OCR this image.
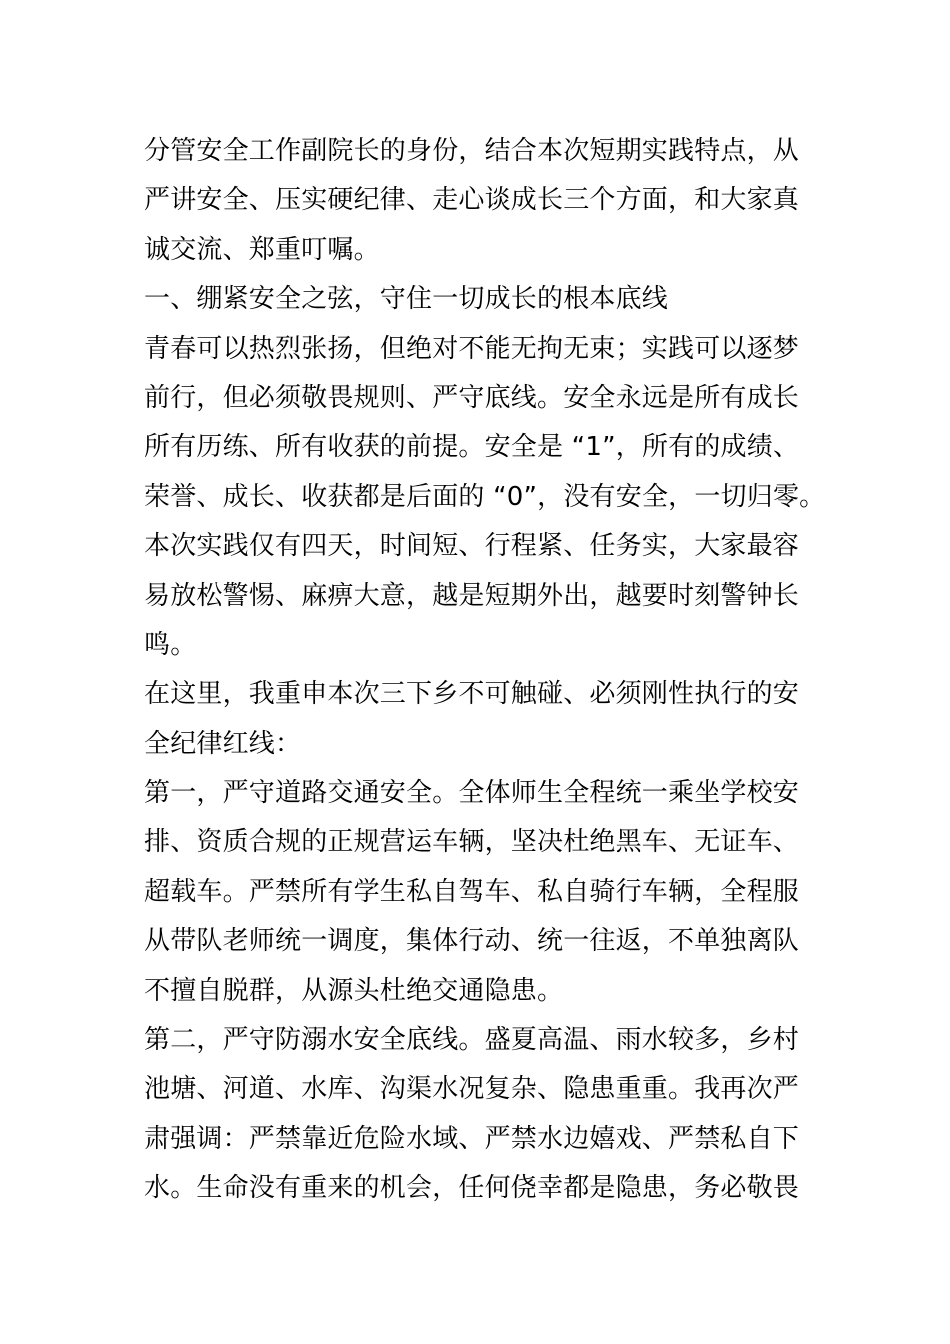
分管安全工作副院长的身份，结合本次短期实践特点，从
严讲安全、压实硬纪律、走心谈成长三个方面，和大家真
诚交流、郑重叮嘱。
一、绷紧安全之弦，守住一切成长的根本底线
青春可以热烈张扬，但绝对不能无拘无束；实践可以逐梦
前行，但必须敬畏规则、严守底线。安全永远是所有成长
所有历练、所有收获的前提。安全是 “1”，所有的成绩、
荣誉、成长、收获都是后面的 “0”，没有安全，一切归零。
本次实践仅有四天，时间短、行程紧、任务实，大家最容
易放松警惕、麻痹大意，越是短期外出，越要时刻警钟长
鸣。
在这里，我重申本次三下乡不可触碰、必须刚性执行的安
全纪律红线：
第一，严守道路交通安全。全体师生全程统一乘坐学校安
排、资质合规的正规营运车辆，坚决杜绝黑车、无证车、
超载车。严禁所有学生私自驾车、私自骑行车辆，全程服
从带队老师统一调度，集体行动、统一往返，不单独离队
不擅自脱群，从源头杜绝交通隐患。
第二，严守防溺水安全底线。盛夏高温、雨水较多，乡村
池塘、河道、水库、沟渠水况复杂、隐患重重。我再次严
肃强调：严禁靠近危险水域、严禁水边嬉戏、严禁私自下
水。生命没有重来的机会，任何侥幸都是隐患，务必敬畏
